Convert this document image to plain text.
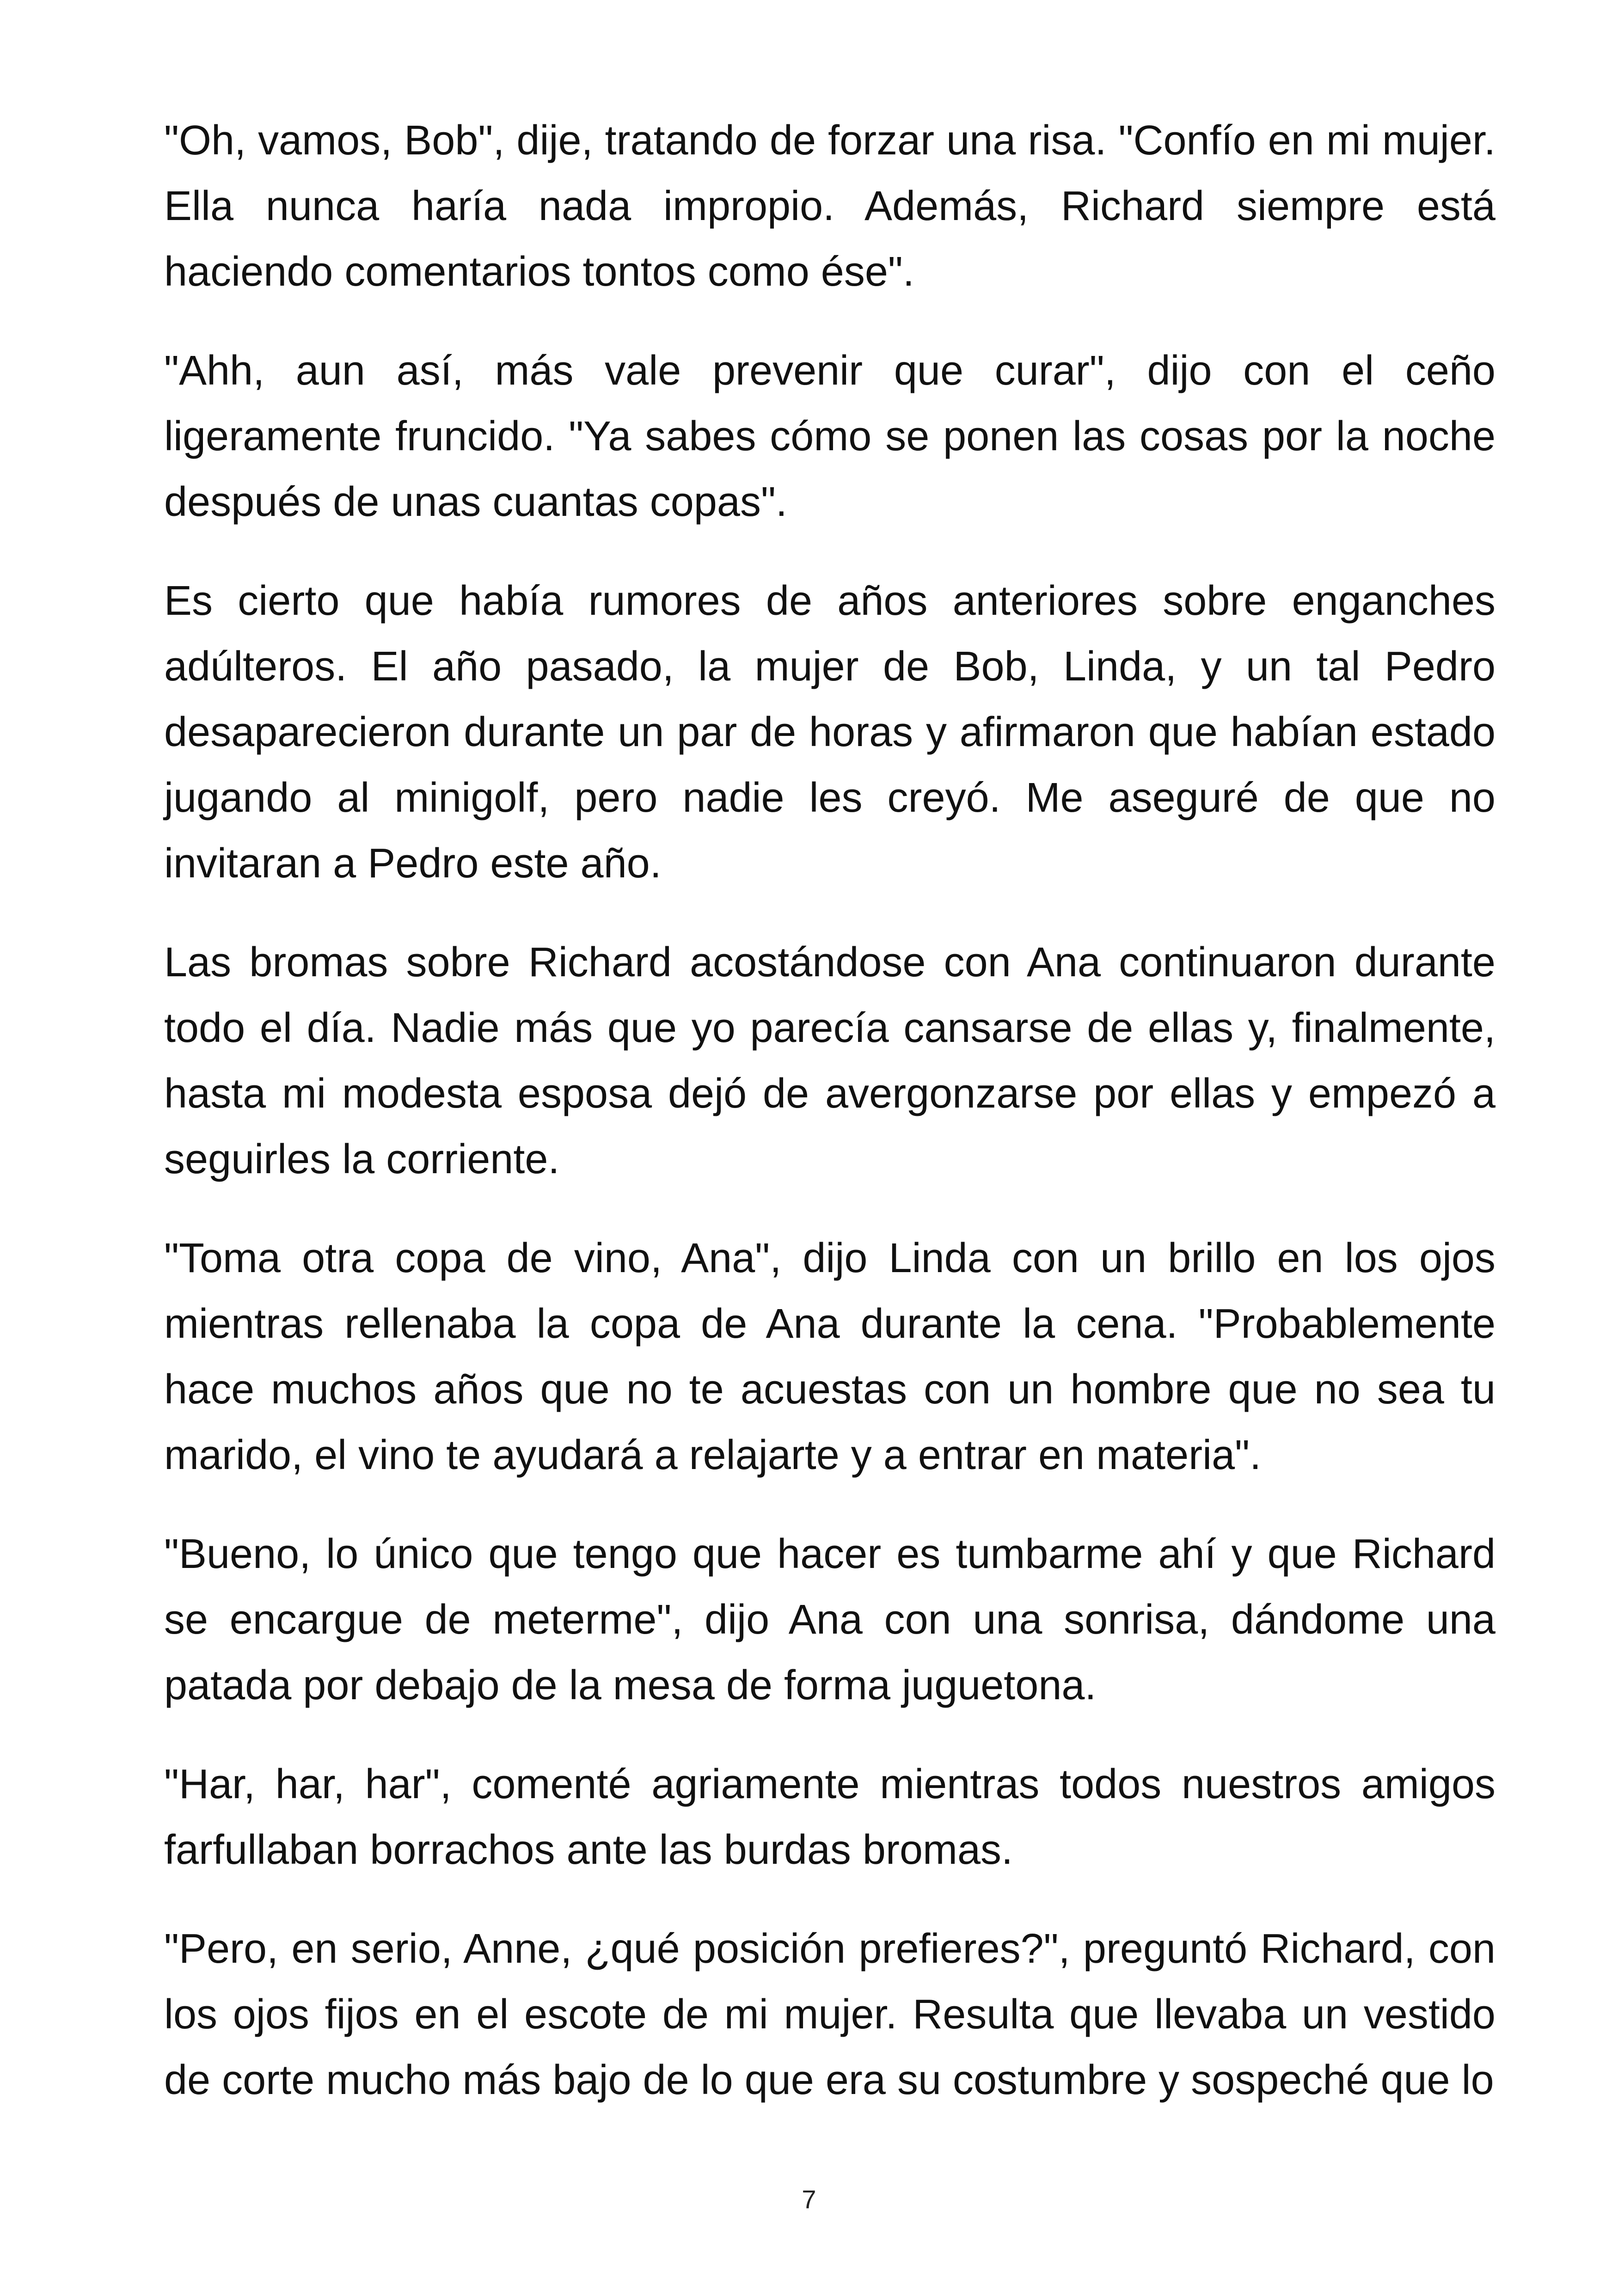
"Oh, vamos, Bob", dije, tratando de forzar una risa. "Confío en mi mujer. Ella nunca haría nada impropio. Además, Richard siempre está haciendo comentarios tontos como ése".

"Ahh, aun así, más vale prevenir que curar", dijo con el ceño ligeramente fruncido. "Ya sabes cómo se ponen las cosas por la noche después de unas cuantas copas".

Es cierto que había rumores de años anteriores sobre enganches adúlteros. El año pasado, la mujer de Bob, Linda, y un tal Pedro desaparecieron durante un par de horas y afirmaron que habían estado jugando al minigolf, pero nadie les creyó. Me aseguré de que no invitaran a Pedro este año.

Las bromas sobre Richard acostándose con Ana continuaron durante todo el día. Nadie más que yo parecía cansarse de ellas y, finalmente, hasta mi modesta esposa dejó de avergonzarse por ellas y empezó a seguirles la corriente.

"Toma otra copa de vino, Ana", dijo Linda con un brillo en los ojos mientras rellenaba la copa de Ana durante la cena. "Probablemente hace muchos años que no te acuestas con un hombre que no sea tu marido, el vino te ayudará a relajarte y a entrar en materia".

"Bueno, lo único que tengo que hacer es tumbarme ahí y que Richard se encargue de meterme", dijo Ana con una sonrisa, dándome una patada por debajo de la mesa de forma juguetona.

"Har, har, har", comenté agriamente mientras todos nuestros amigos farfullaban borrachos ante las burdas bromas.

"Pero, en serio, Anne, ¿qué posición prefieres?", preguntó Richard, con los ojos fijos en el escote de mi mujer. Resulta que llevaba un vestido de corte mucho más bajo de lo que era su costumbre y sospeché que lo

7
